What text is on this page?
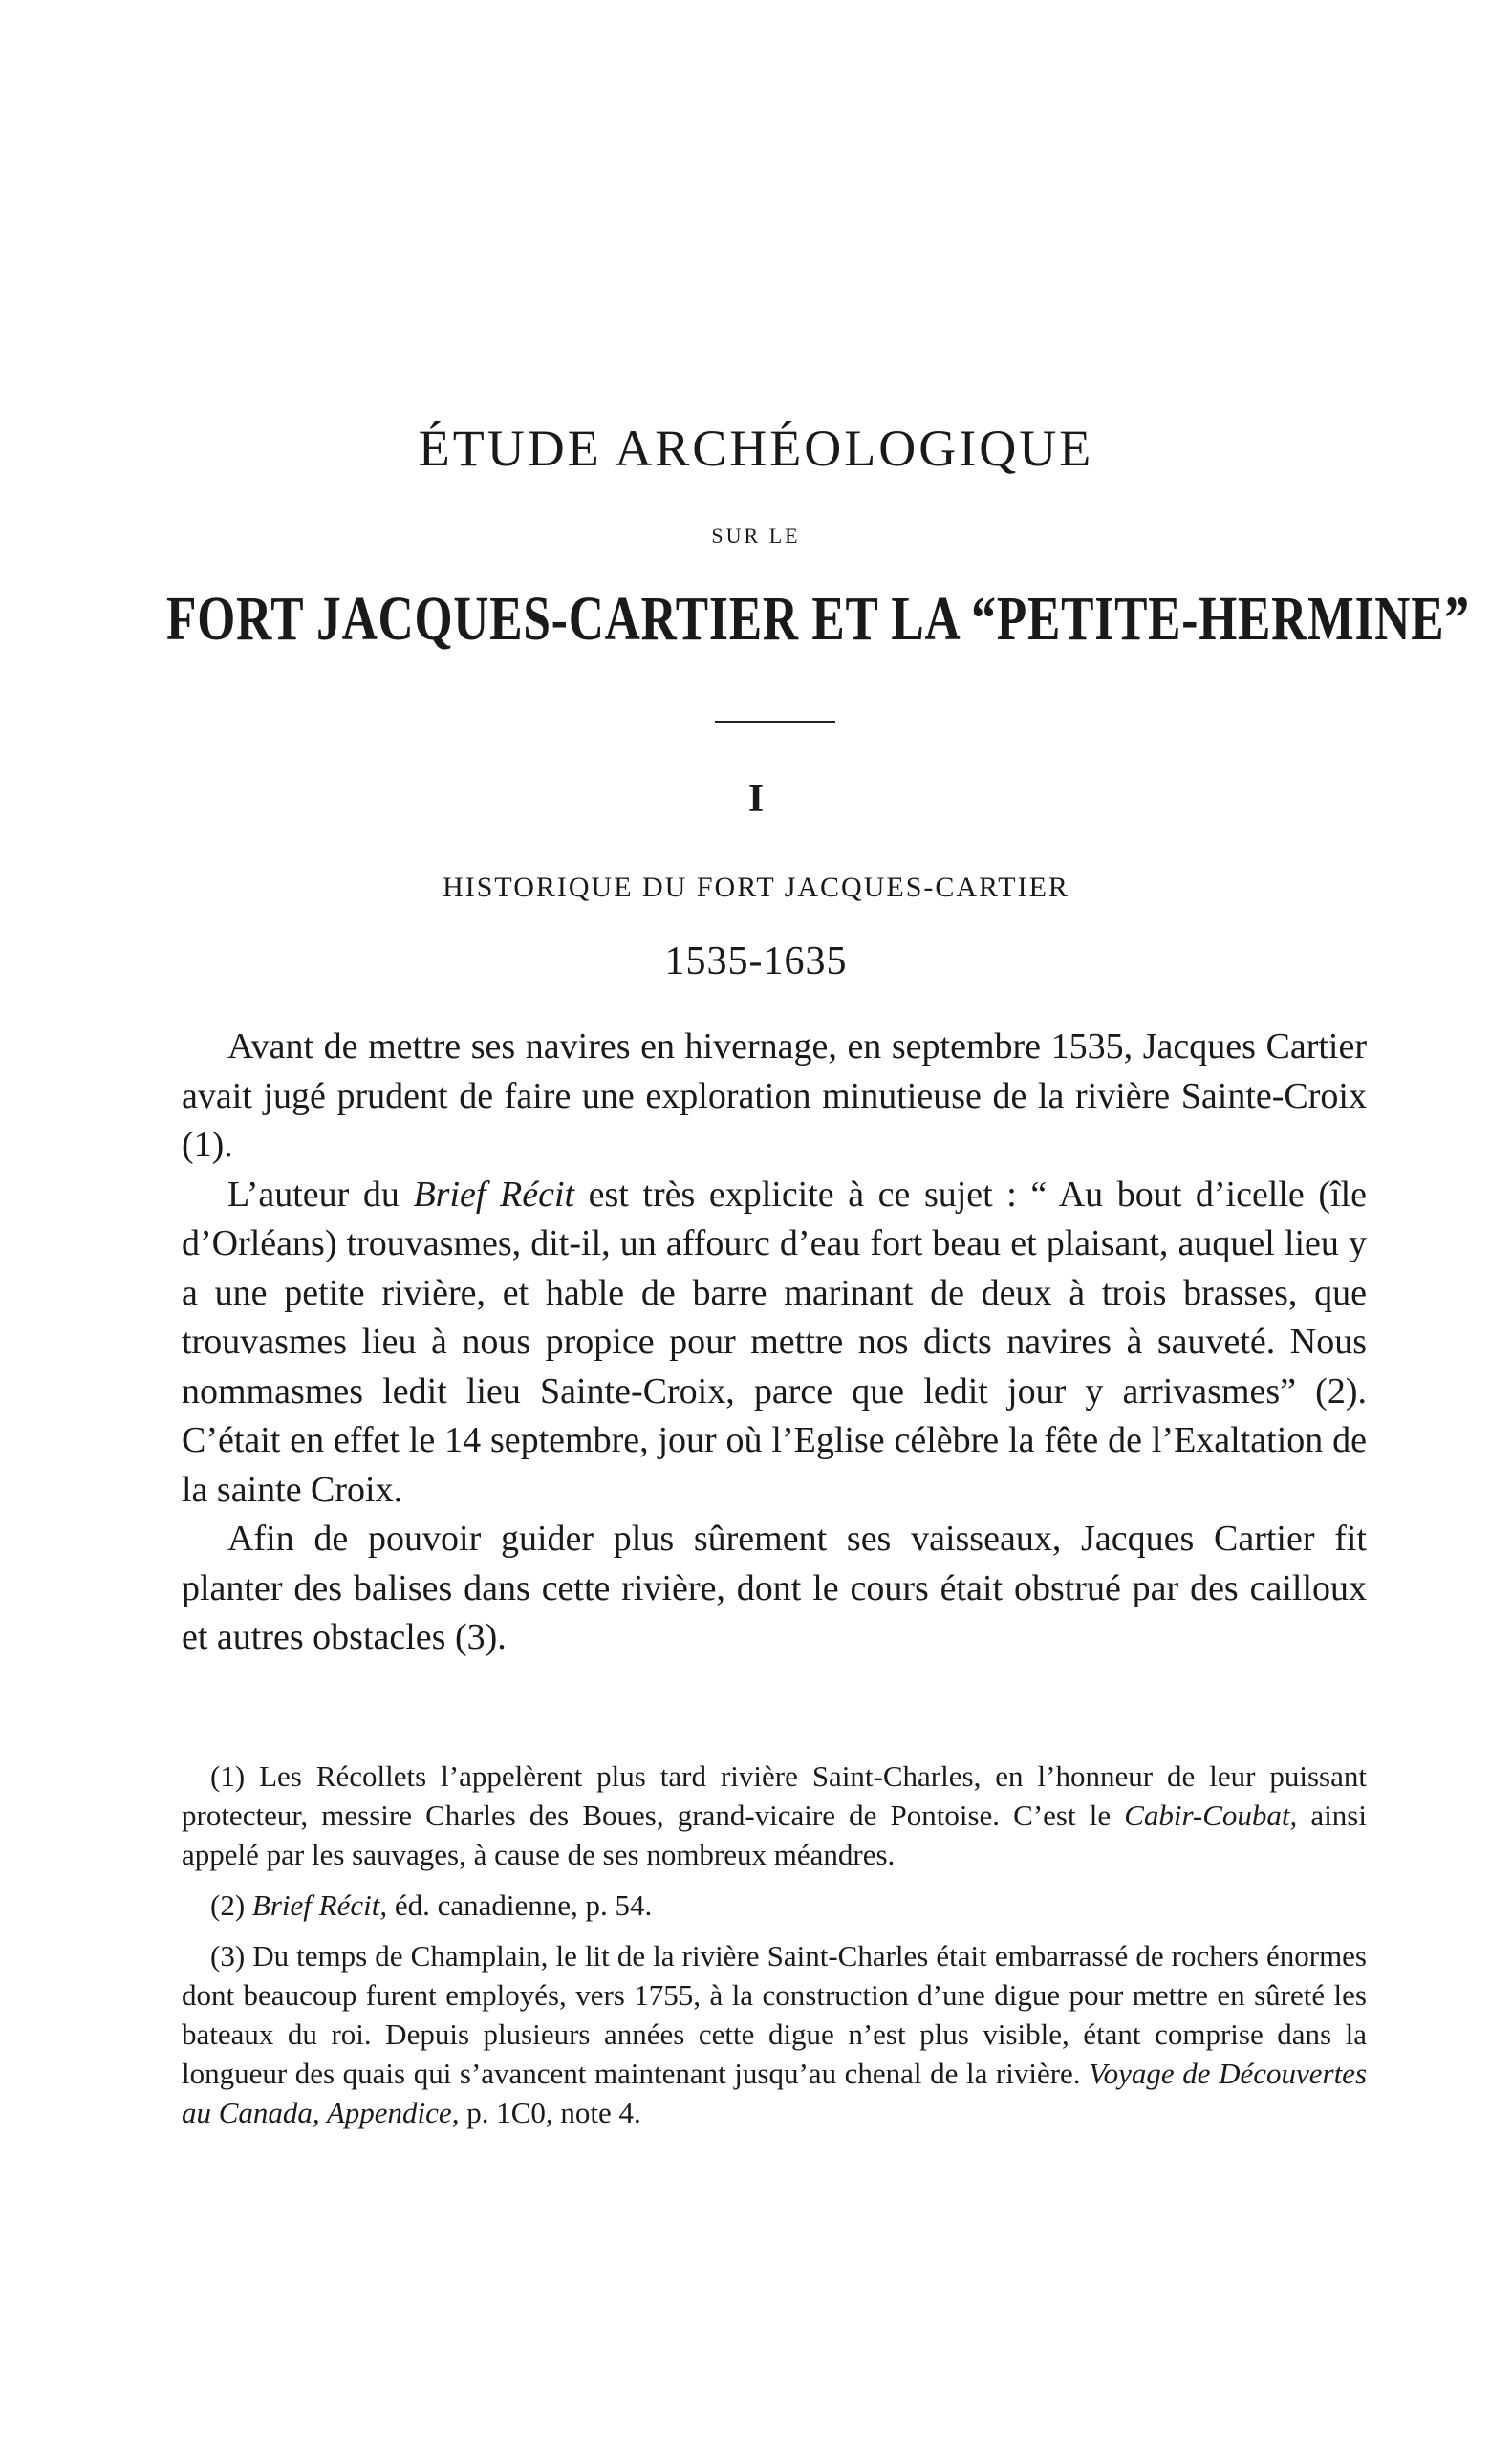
ÉTUDE ARCHÉOLOGIQUE
SUR LE
FORT JACQUES-CARTIER ET LA “PETITE-HERMINE”
I
HISTORIQUE DU FORT JACQUES-CARTIER
1535-1635

Avant de mettre ses navires en hivernage, en septembre 1535, Jacques Cartier avait jugé prudent de faire une exploration minutieuse de la rivière Sainte-Croix (1).

L’auteur du Brief Récit est très explicite à ce sujet : “ Au bout d’icelle (île d’Orléans) trouvasmes, dit-il, un affourc d’eau fort beau et plaisant, auquel lieu y a une petite rivière, et hable de barre marinant de deux à trois brasses, que trouvasmes lieu à nous propice pour mettre nos dicts navires à sauveté. Nous nommasmes ledit lieu Sainte-Croix, parce que ledit jour y arrivasmes” (2). C’était en effet le 14 septembre, jour où l’Eglise célèbre la fête de l’Exaltation de la sainte Croix.

Afin de pouvoir guider plus sûrement ses vaisseaux, Jacques Cartier fit planter des balises dans cette rivière, dont le cours était obstrué par des cailloux et autres obstacles (3).

(1) Les Récollets l’appelèrent plus tard rivière Saint-Charles, en l’honneur de leur puissant protecteur, messire Charles des Boues, grand-vicaire de Pontoise. C’est le Cabir-Coubat, ainsi appelé par les sauvages, à cause de ses nombreux méandres.

(2) Brief Récit, éd. canadienne, p. 54.

(3) Du temps de Champlain, le lit de la rivière Saint-Charles était embarrassé de rochers énormes dont beaucoup furent employés, vers 1755, à la construction d’une digue pour mettre en sûreté les bateaux du roi. Depuis plusieurs années cette digue n’est plus visible, étant comprise dans la longueur des quais qui s’avancent maintenant jusqu’au chenal de la rivière. Voyage de Découvertes au Canada, Appendice, p. 1C0, note 4.
